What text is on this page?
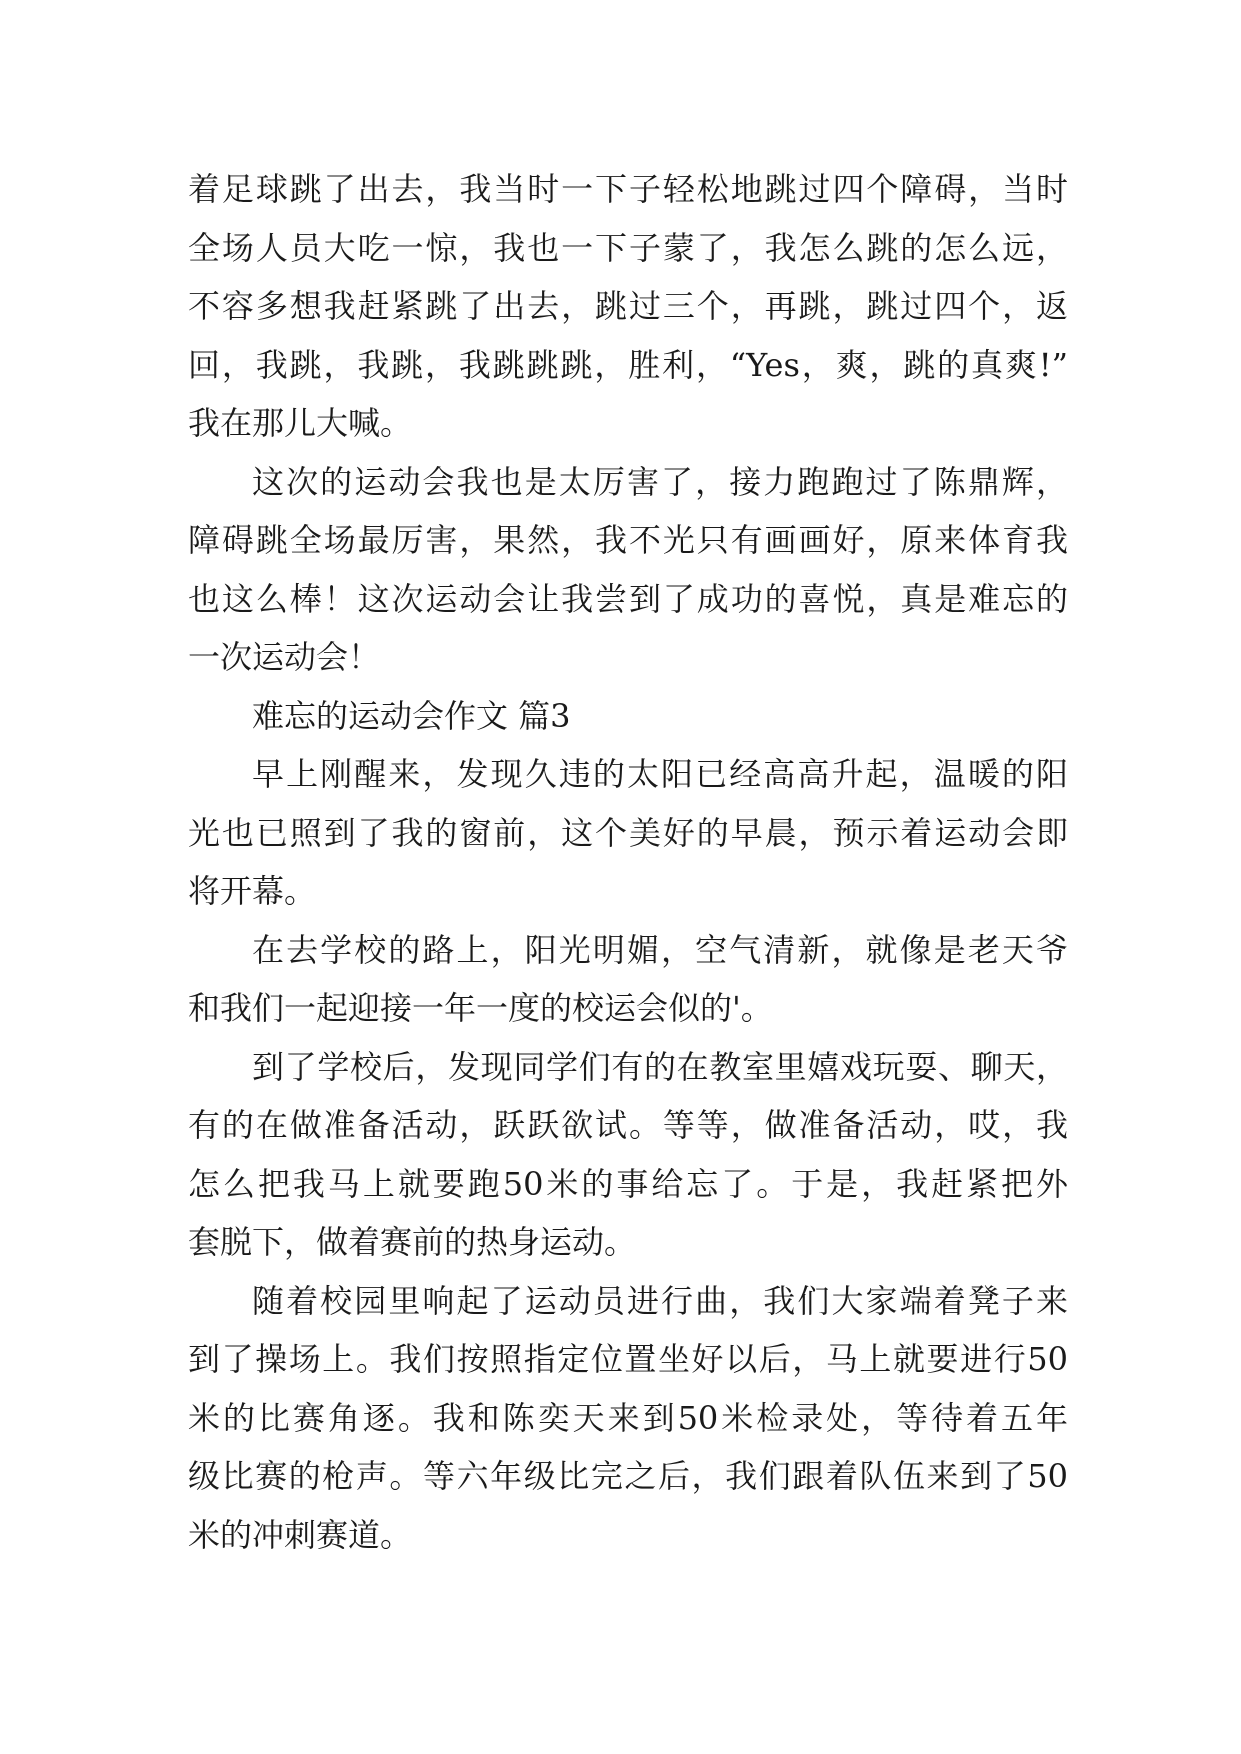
着足球跳了出去，我当时一下子轻松地跳过四个障碍，当时
全场人员大吃一惊，我也一下子蒙了，我怎么跳的怎么远，
不容多想我赶紧跳了出去，跳过三个，再跳，跳过四个，返
回，我跳，我跳，我跳跳跳，胜利，“Yes，爽，跳的真爽!”
我在那儿大喊。
这次的运动会我也是太厉害了，接力跑跑过了陈鼎辉，
障碍跳全场最厉害，果然，我不光只有画画好，原来体育我
也这么棒！这次运动会让我尝到了成功的喜悦，真是难忘的
一次运动会！
难忘的运动会作文 篇3
早上刚醒来，发现久违的太阳已经高高升起，温暖的阳
光也已照到了我的窗前，这个美好的早晨，预示着运动会即
将开幕。
在去学校的路上，阳光明媚，空气清新，就像是老天爷
和我们一起迎接一年一度的校运会似的'。
到了学校后，发现同学们有的在教室里嬉戏玩耍、聊天，
有的在做准备活动，跃跃欲试。等等，做准备活动，哎，我
怎么把我马上就要跑50米的事给忘了。于是，我赶紧把外
套脱下，做着赛前的热身运动。
随着校园里响起了运动员进行曲，我们大家端着凳子来
到了操场上。我们按照指定位置坐好以后，马上就要进行50
米的比赛角逐。我和陈奕天来到50米检录处，等待着五年
级比赛的枪声。等六年级比完之后，我们跟着队伍来到了50
米的冲刺赛道。
